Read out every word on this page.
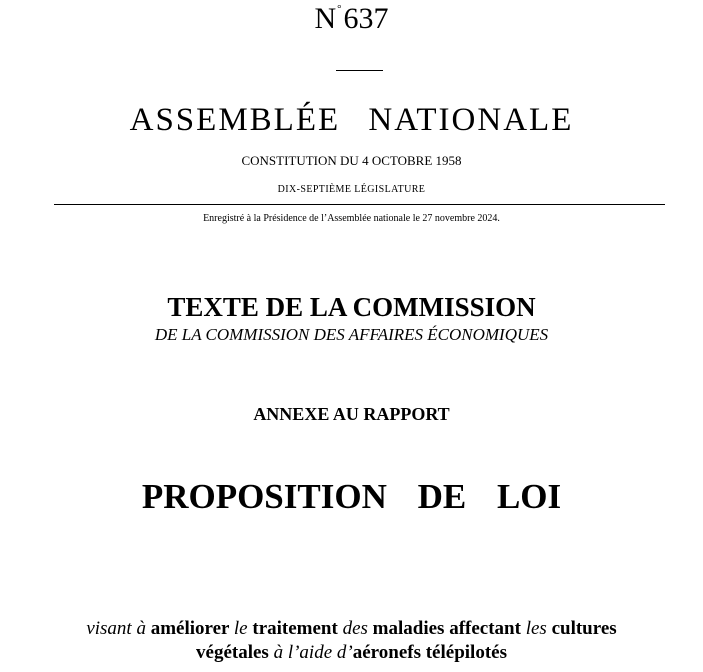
N°637
ASSEMBLÉE NATIONALE
CONSTITUTION DU 4 OCTOBRE 1958
DIX-SEPTIÈME LÉGISLATURE
Enregistré à la Présidence de l’Assemblée nationale le 27 novembre 2024.
TEXTE DE LA COMMISSION
DE LA COMMISSION DES AFFAIRES ÉCONOMIQUES
ANNEXE AU RAPPORT
PROPOSITION DE LOI
visant à améliorer le traitement des maladies affectant les cultures
végétales à l’aide d’aéronefs télépilotés
